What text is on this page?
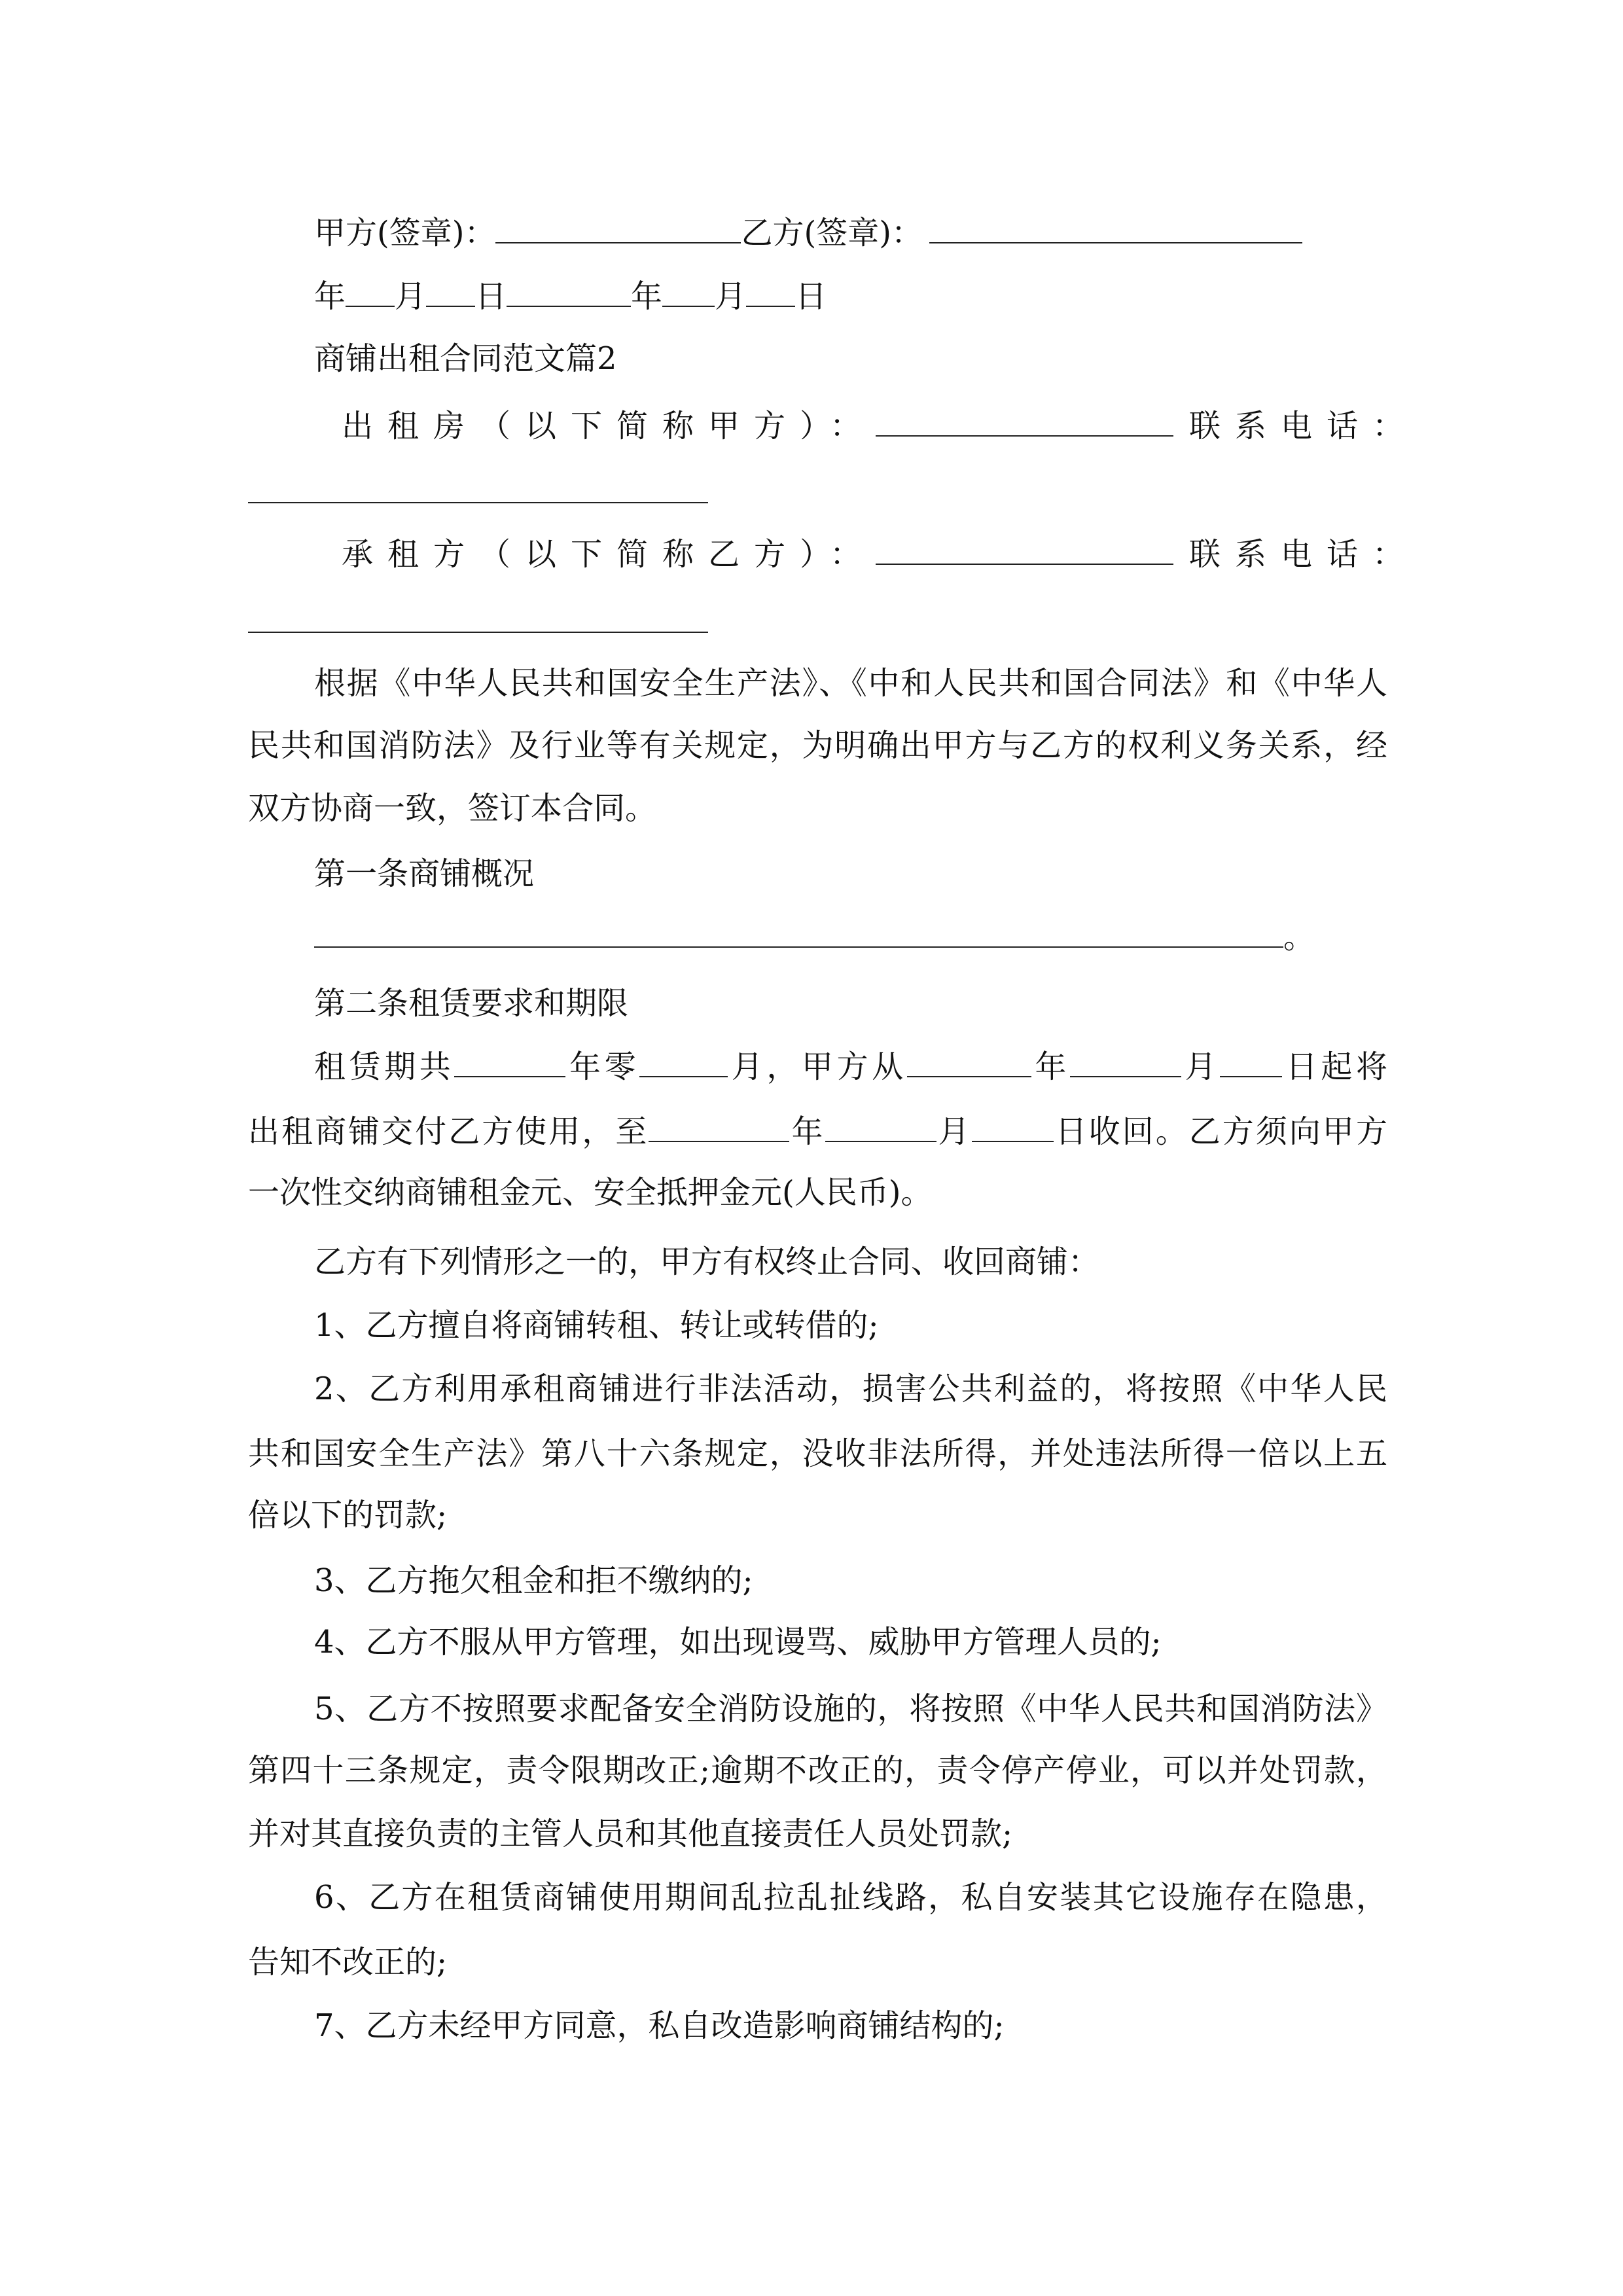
甲方(签章)：	乙方(签章)：
年 月 日	年 月 日
商铺出租合同范文篇2
出租房（以下简称甲方）：	联系电话：
承租方（以下简称乙方）：	联系电话：
根据《中华人民共和国安全生产法》、《中和人民共和国合同法》和《中华人
民共和国消防法》及行业等有关规定，为明确出甲方与乙方的权利义务关系，经
双方协商一致，签订本合同。
第一条商铺概况
。
第二条租赁要求和期限
租赁期共	年零	月，甲方从	年	月 日起将
出租商铺交付乙方使用，至	年	月	日收回。乙方须向甲方
一次性交纳商铺租金元、安全抵押金元(人民币)。
乙方有下列情形之一的，甲方有权终止合同、收回商铺：
1、乙方擅自将商铺转租、转让或转借的;
2、乙方利用承租商铺进行非法活动，损害公共利益的，将按照《中华人民
共和国安全生产法》第八十六条规定，没收非法所得，并处违法所得一倍以上五
倍以下的罚款;
3、乙方拖欠租金和拒不缴纳的;
4、乙方不服从甲方管理，如出现谩骂、威胁甲方管理人员的;
5、乙方不按照要求配备安全消防设施的，将按照《中华人民共和国消防法》
第四十三条规定，责令限期改正;逾期不改正的，责令停产停业，可以并处罚款，
并对其直接负责的主管人员和其他直接责任人员处罚款;
6、乙方在租赁商铺使用期间乱拉乱扯线路，私自安装其它设施存在隐患，
告知不改正的;
7、乙方未经甲方同意，私自改造影响商铺结构的;
